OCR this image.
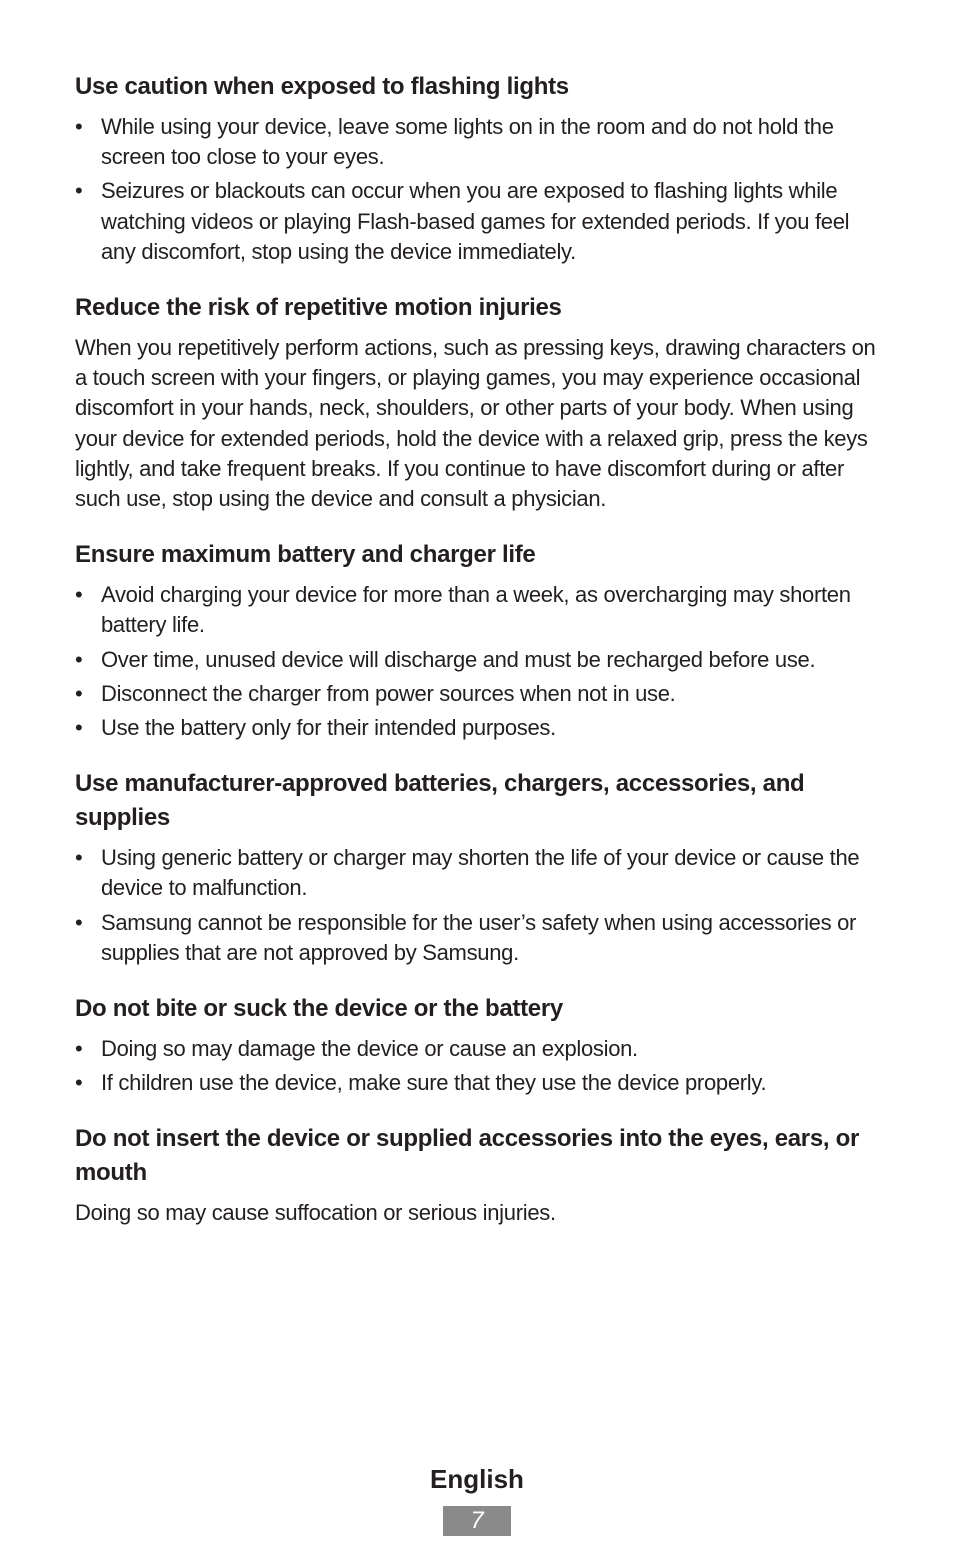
Use caution when exposed to flashing lights
• While using your device, leave some lights on in the room and do not hold the screen too close to your eyes.
• Seizures or blackouts can occur when you are exposed to flashing lights while watching videos or playing Flash-based games for extended periods. If you feel any discomfort, stop using the device immediately.
Reduce the risk of repetitive motion injuries

When you repetitively perform actions, such as pressing keys, drawing characters on a touch screen with your fingers, or playing games, you may experience occasional discomfort in your hands, neck, shoulders, or other parts of your body. When using your device for extended periods, hold the device with a relaxed grip, press the keys lightly, and take frequent breaks. If you continue to have discomfort during or after such use, stop using the device and consult a physician.

Ensure maximum battery and charger life
• Avoid charging your device for more than a week, as overcharging may shorten battery life.
• Over time, unused device will discharge and must be recharged before use.
• Disconnect the charger from power sources when not in use.
• Use the battery only for their intended purposes.
Use manufacturer-approved batteries, chargers, accessories, and supplies
• Using generic battery or charger may shorten the life of your device or cause the device to malfunction.
• Samsung cannot be responsible for the user’s safety when using accessories or supplies that are not approved by Samsung.
Do not bite or suck the device or the battery
• Doing so may damage the device or cause an explosion.
• If children use the device, make sure that they use the device properly.
Do not insert the device or supplied accessories into the eyes, ears, or mouth

Doing so may cause suffocation or serious injuries.

English
7
